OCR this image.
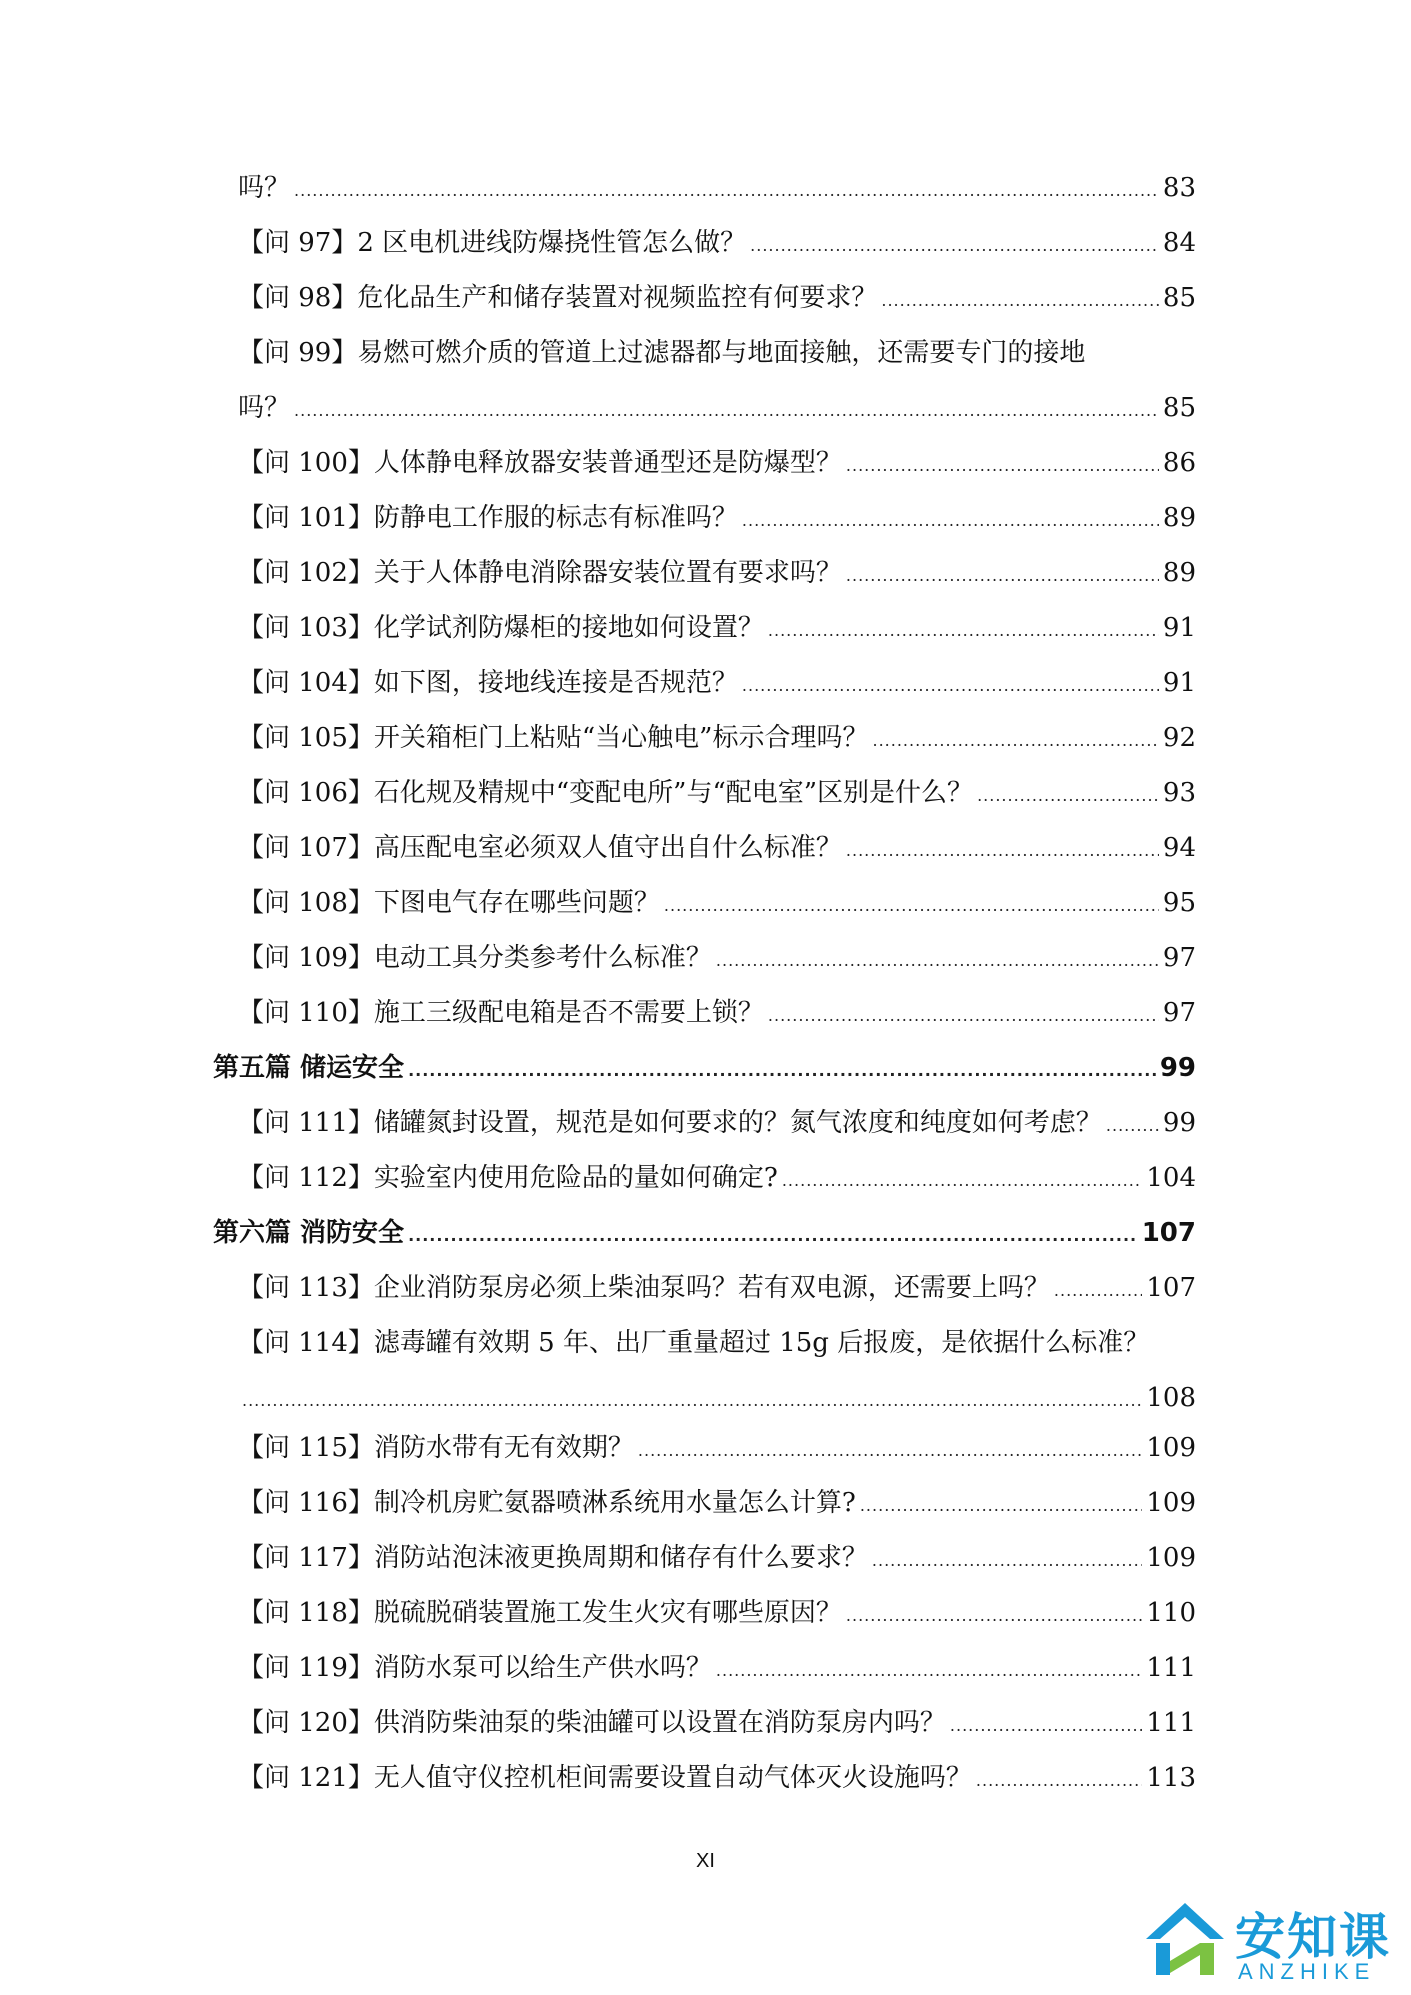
吗？ .....	83
【问 97】2 区电机进线防爆挠性管怎么做？ .....	84
【问 98】危化品生产和储存装置对视频监控有何要求？ .....	85
【问 99】易燃可燃介质的管道上过滤器都与地面接触，还需要专门的接地
吗？ .....	85
【问 100】人体静电释放器安装普通型还是防爆型？ .....	86
【问 101】防静电工作服的标志有标准吗？ .....	89
【问 102】关于人体静电消除器安装位置有要求吗？ .....	89
【问 103】化学试剂防爆柜的接地如何设置？ .....	91
【问 104】如下图，接地线连接是否规范？ .....	91
【问 105】开关箱柜门上粘贴“当心触电”标示合理吗？ .....	92
【问 106】石化规及精规中“变配电所”与“配电室”区别是什么？ .....	93
【问 107】高压配电室必须双人值守出自什么标准？ .....	94
【问 108】下图电气存在哪些问题？ .....	95
【问 109】电动工具分类参考什么标准？ .....	97
【问 110】施工三级配电箱是否不需要上锁？ .....	97
第五篇 储运安全 .....	99
【问 111】储罐氮封设置，规范是如何要求的？氮气浓度和纯度如何考虑？ ..... 99
【问 112】实验室内使用危险品的量如何确定? .....	104
第六篇 消防安全 .....	107
【问 113】企业消防泵房必须上柴油泵吗？若有双电源，还需要上吗？ .....	107
【问 114】滤毒罐有效期 5 年、出厂重量超过 15g 后报废，是依据什么标准？
.....
108
【问 115】消防水带有无有效期？ .....	109
【问 116】制冷机房贮氨器喷淋系统用水量怎么计算? .....	109
【问 117】消防站泡沫液更换周期和储存有什么要求？ .....	109
【问 118】脱硫脱硝装置施工发生火灾有哪些原因？ .....	110
【问 119】消防水泵可以给生产供水吗？ .....	111
【问 120】供消防柴油泵的柴油罐可以设置在消防泵房内吗？ .....	111
【问 121】无人值守仪控机柜间需要设置自动气体灭火设施吗？ .....	113
XI
安知课
ANZHIKE
